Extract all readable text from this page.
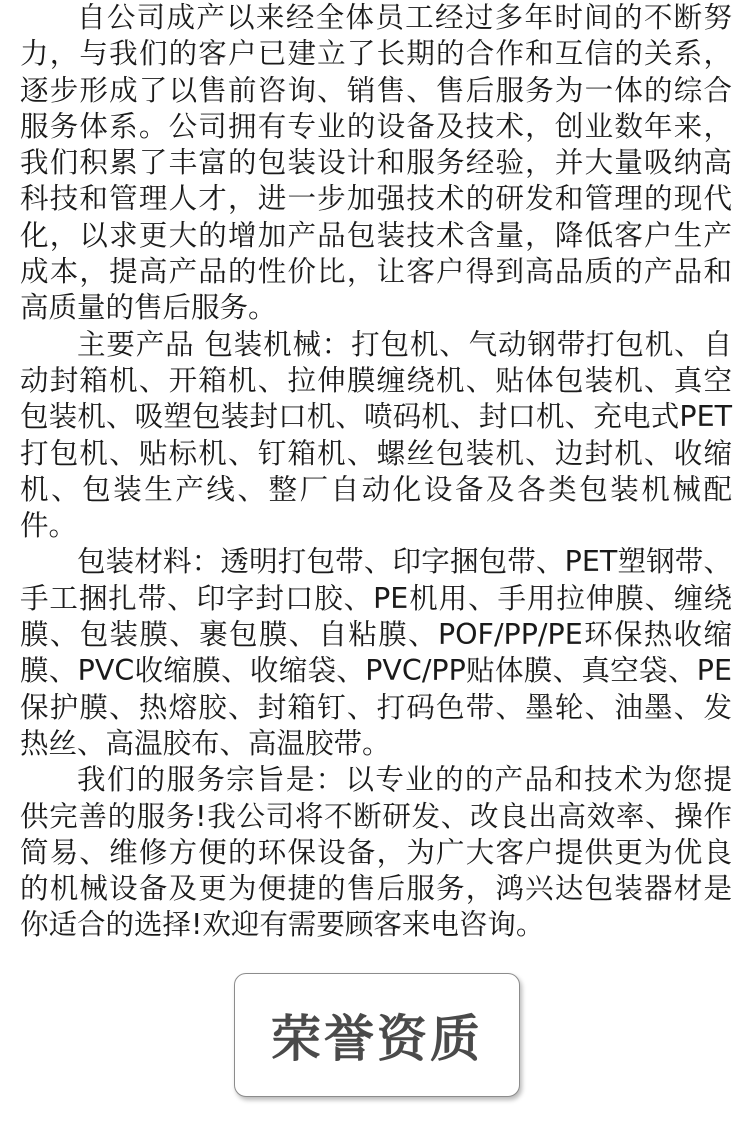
自公司成产以来经全体员工经过多年时间的不断努力，与我们的客户已建立了长期的合作和互信的关系，逐步形成了以售前咨询、销售、售后服务为一体的综合服务体系。公司拥有专业的设备及技术，创业数年来，我们积累了丰富的包装设计和服务经验，并大量吸纳高科技和管理人才，进一步加强技术的研发和管理的现代化，以求更大的增加产品包装技术含量，降低客户生产成本，提高产品的性价比，让客户得到高品质的产品和高质量的售后服务。

主要产品 包装机械：打包机、气动钢带打包机、自动封箱机、开箱机、拉伸膜缠绕机、贴体包装机、真空包装机、吸塑包装封口机、喷码机、封口机、充电式PET打包机、贴标机、钉箱机、螺丝包装机、边封机、收缩机、包装生产线、整厂自动化设备及各类包装机械配件。

包装材料：透明打包带、印字捆包带、PET塑钢带、手工捆扎带、印字封口胶、PE机用、手用拉伸膜、缠绕膜、包装膜、裹包膜、自粘膜、POF/PP/PE环保热收缩膜、PVC收缩膜、收缩袋、PVC/PP贴体膜、真空袋、PE保护膜、热熔胶、封箱钉、打码色带、墨轮、油墨、发热丝、高温胶布、高温胶带。

我们的服务宗旨是：以专业的的产品和技术为您提供完善的服务!我公司将不断研发、改良出高效率、操作简易、维修方便的环保设备，为广大客户提供更为优良的机械设备及更为便捷的售后服务，鸿兴达包装器材是你适合的选择!欢迎有需要顾客来电咨询。

荣誉资质
